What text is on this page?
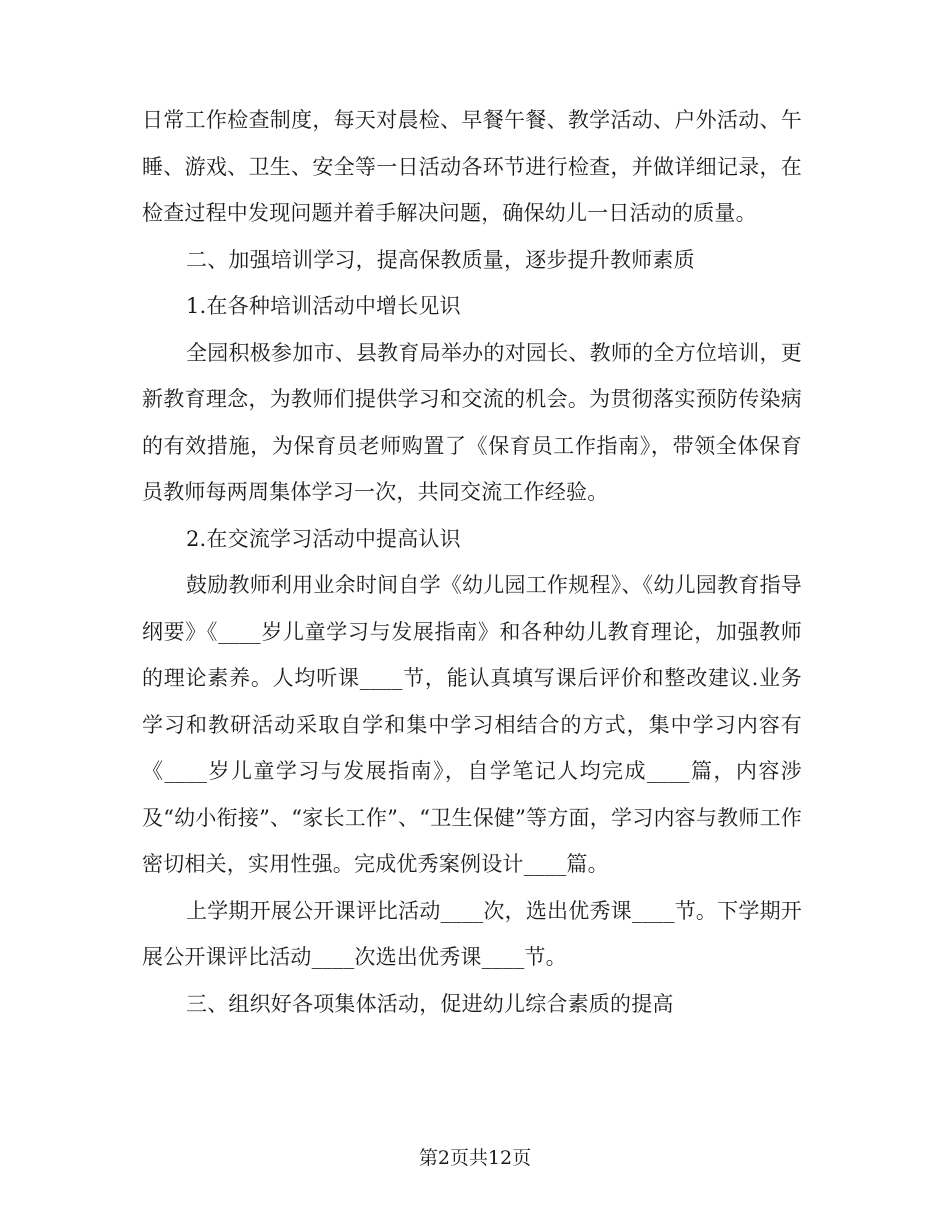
日常工作检查制度，每天对晨检、早餐午餐、教学活动、户外活动、午睡、游戏、卫生、安全等一日活动各环节进行检查，并做详细记录，在检查过程中发现问题并着手解决问题，确保幼儿一日活动的质量。

二、加强培训学习，提高保教质量，逐步提升教师素质

1.在各种培训活动中增长见识

全园积极参加市、县教育局举办的对园长、教师的全方位培训，更新教育理念，为教师们提供学习和交流的机会。为贯彻落实预防传染病的有效措施，为保育员老师购置了《保育员工作指南》，带领全体保育员教师每两周集体学习一次，共同交流工作经验。

2.在交流学习活动中提高认识

鼓励教师利用业余时间自学《幼儿园工作规程》、《幼儿园教育指导纲要》《____岁儿童学习与发展指南》和各种幼儿教育理论，加强教师的理论素养。人均听课____节，能认真填写课后评价和整改建议.业务学习和教研活动采取自学和集中学习相结合的方式，集中学习内容有《____岁儿童学习与发展指南》，自学笔记人均完成____篇，内容涉及“幼小衔接”、“家长工作”、“卫生保健”等方面，学习内容与教师工作密切相关，实用性强。完成优秀案例设计____篇。

上学期开展公开课评比活动____次，选出优秀课____节。下学期开展公开课评比活动____次选出优秀课____节。

三、组织好各项集体活动，促进幼儿综合素质的提高

第2页共12页
